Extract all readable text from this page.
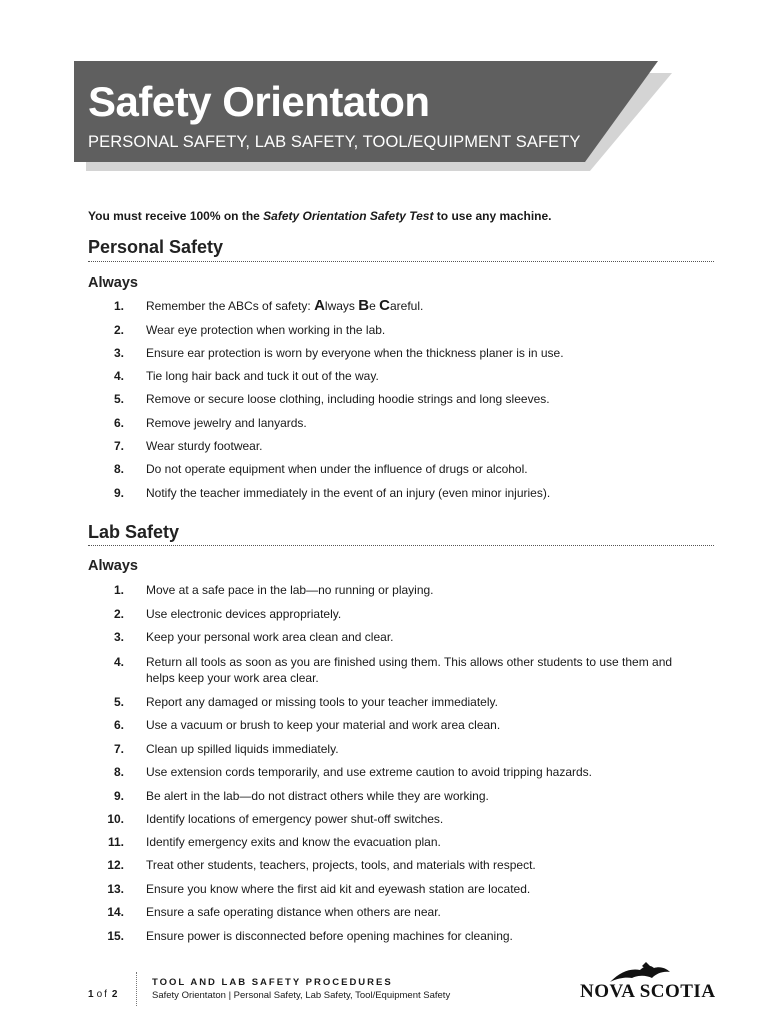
Safety Orientaton
PERSONAL SAFETY, LAB SAFETY, TOOL/EQUIPMENT SAFETY
You must receive 100% on the Safety Orientation Safety Test to use any machine.
Personal Safety
Always
1. Remember the ABCs of safety: Always Be Careful.
2. Wear eye protection when working in the lab.
3. Ensure ear protection is worn by everyone when the thickness planer is in use.
4. Tie long hair back and tuck it out of the way.
5. Remove or secure loose clothing, including hoodie strings and long sleeves.
6. Remove jewelry and lanyards.
7. Wear sturdy footwear.
8. Do not operate equipment when under the influence of drugs or alcohol.
9. Notify the teacher immediately in the event of an injury (even minor injuries).
Lab Safety
Always
1. Move at a safe pace in the lab—no running or playing.
2. Use electronic devices appropriately.
3. Keep your personal work area clean and clear.
4. Return all tools as soon as you are finished using them. This allows other students to use them and helps keep your work area clear.
5. Report any damaged or missing tools to your teacher immediately.
6. Use a vacuum or brush to keep your material and work area clean.
7. Clean up spilled liquids immediately.
8. Use extension cords temporarily, and use extreme caution to avoid tripping hazards.
9. Be alert in the lab—do not distract others while they are working.
10. Identify locations of emergency power shut-off switches.
11. Identify emergency exits and know the evacuation plan.
12. Treat other students, teachers, projects, tools, and materials with respect.
13. Ensure you know where the first aid kit and eyewash station are located.
14. Ensure a safe operating distance when others are near.
15. Ensure power is disconnected before opening machines for cleaning.
1 of 2
TOOL AND LAB SAFETY PROCEDURES
Safety Orientaton | Personal Safety, Lab Safety, Tool/Equipment Safety	NOVA SCOTIA
